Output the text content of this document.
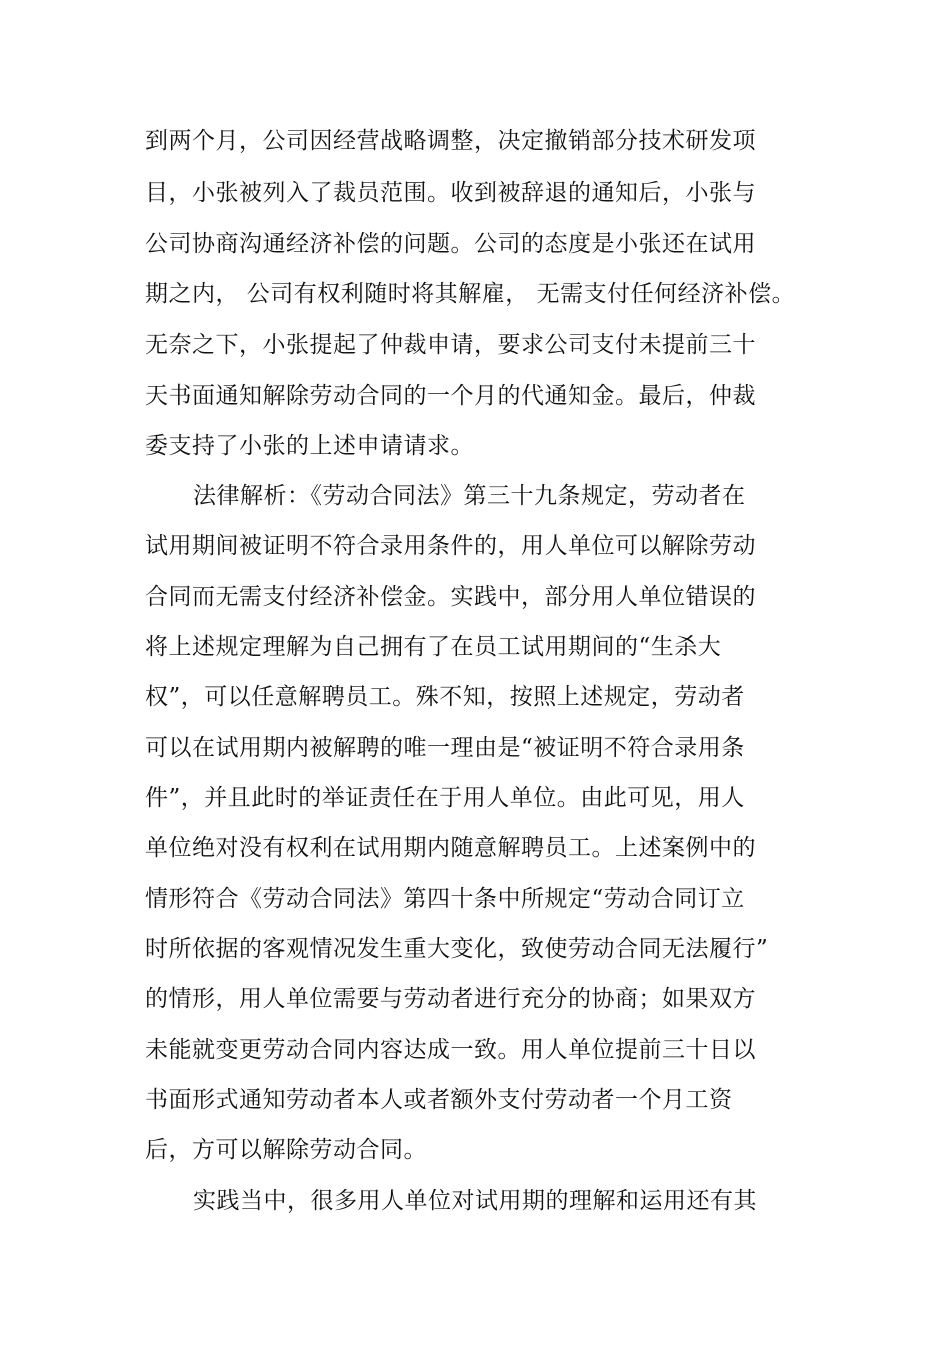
到两个月，公司因经营战略调整，决定撤销部分技术研发项
目，小张被列入了裁员范围。收到被辞退的通知后，小张与
公司协商沟通经济补偿的问题。公司的态度是小张还在试用
期之内， 公司有权利随时将其解雇， 无需支付任何经济补偿。
无奈之下，小张提起了仲裁申请，要求公司支付未提前三十
天书面通知解除劳动合同的一个月的代通知金。最后，仲裁
委支持了小张的上述申请请求。
法律解析：《劳动合同法》第三十九条规定，劳动者在
试用期间被证明不符合录用条件的，用人单位可以解除劳动
合同而无需支付经济补偿金。实践中，部分用人单位错误的
将上述规定理解为自己拥有了在员工试用期间的“生杀大
权”，可以任意解聘员工。殊不知，按照上述规定，劳动者
可以在试用期内被解聘的唯一理由是“被证明不符合录用条
件”，并且此时的举证责任在于用人单位。由此可见，用人
单位绝对没有权利在试用期内随意解聘员工。上述案例中的
情形符合《劳动合同法》第四十条中所规定“劳动合同订立
时所依据的客观情况发生重大变化，致使劳动合同无法履行”
的情形，用人单位需要与劳动者进行充分的协商；如果双方
未能就变更劳动合同内容达成一致。用人单位提前三十日以
书面形式通知劳动者本人或者额外支付劳动者一个月工资
后，方可以解除劳动合同。
实践当中，很多用人单位对试用期的理解和运用还有其
